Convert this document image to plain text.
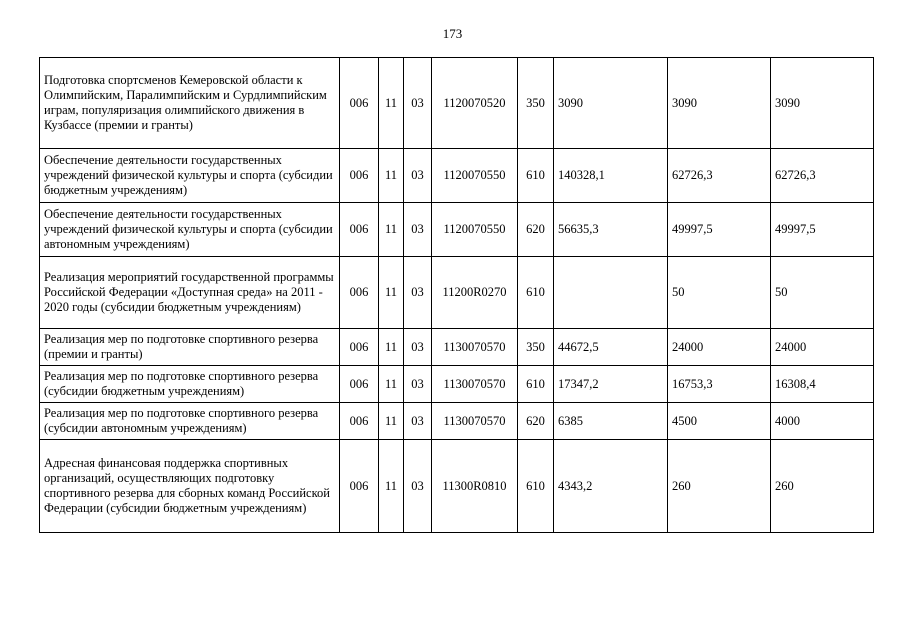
173
Подготовка спортсменов Кемеровской области к Олимпийским, Паралимпийским и Сурдлимпийским играм, популяризация олимпийского движения в Кузбассе (премии и гранты)	006	11	03	1120070520	350	3090	3090	3090
Обеспечение деятельности государственных учреждений физической культуры и спорта (субсидии бюджетным учреждениям)	006	11	03	1120070550	610	140328,1	62726,3	62726,3
Обеспечение деятельности государственных учреждений физической культуры и спорта (субсидии автономным учреждениям)	006	11	03	1120070550	620	56635,3	49997,5	49997,5
Реализация мероприятий государственной программы Российской Федерации «Доступная среда» на 2011 - 2020 годы (субсидии бюджетным учреждениям)	006	11	03	11200R0270	610		50	50
Реализация мер по подготовке спортивного резерва (премии и гранты)	006	11	03	1130070570	350	44672,5	24000	24000
Реализация мер по подготовке спортивного резерва (субсидии бюджетным учреждениям)	006	11	03	1130070570	610	17347,2	16753,3	16308,4
Реализация мер по подготовке спортивного резерва (субсидии автономным учреждениям)	006	11	03	1130070570	620	6385	4500	4000
Адресная финансовая поддержка спортивных организаций, осуществляющих подготовку спортивного резерва для сборных команд Российской Федерации (субсидии бюджетным учреждениям)	006	11	03	11300R0810	610	4343,2	260	260
